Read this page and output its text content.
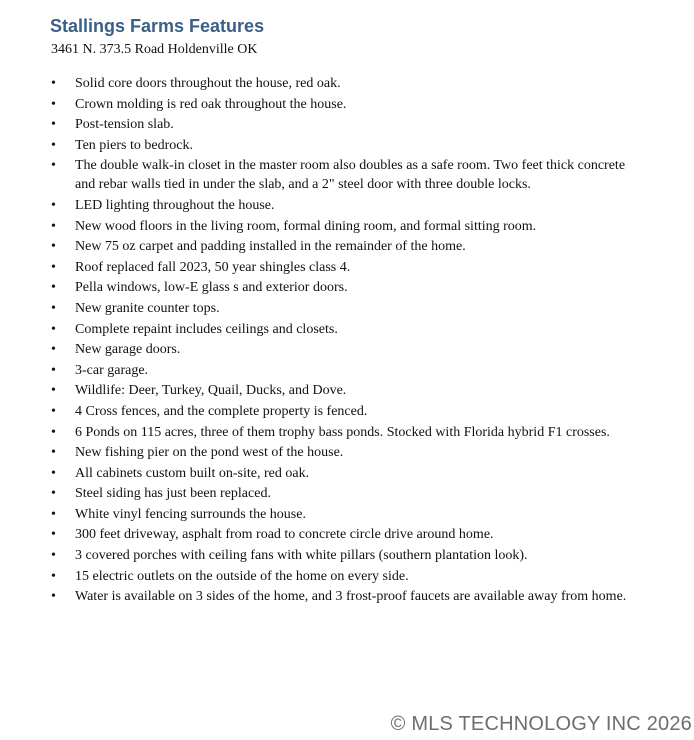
Stallings Farms Features
3461 N. 373.5 Road Holdenville OK
• Solid core doors throughout the house, red oak.
• Crown molding is red oak throughout the house.
• Post-tension slab.
• Ten piers to bedrock.
• The double walk-in closet in the master room also doubles as a safe room. Two feet thick concrete and rebar walls tied in under the slab, and a 2" steel door with three double locks.
• LED lighting throughout the house.
• New wood floors in the living room, formal dining room, and formal sitting room.
• New 75 oz carpet and padding installed in the remainder of the home.
• Roof replaced fall 2023, 50 year shingles class 4.
• Pella windows, low-E glass s and exterior doors.
• New granite counter tops.
• Complete repaint includes ceilings and closets.
• New garage doors.
• 3-car garage.
• Wildlife: Deer, Turkey, Quail, Ducks, and Dove.
• 4 Cross fences, and the complete property is fenced.
• 6 Ponds on 115 acres, three of them trophy bass ponds. Stocked with Florida hybrid F1 crosses.
• New fishing pier on the pond west of the house.
• All cabinets custom built on-site, red oak.
• Steel siding has just been replaced.
• White vinyl fencing surrounds the house.
• 300 feet driveway, asphalt from road to concrete circle drive around home.
• 3 covered porches with ceiling fans with white pillars (southern plantation look).
• 15 electric outlets on the outside of the home on every side.
• Water is available on 3 sides of the home, and 3 frost-proof faucets are available away from home.
© MLS TECHNOLOGY INC 2026
